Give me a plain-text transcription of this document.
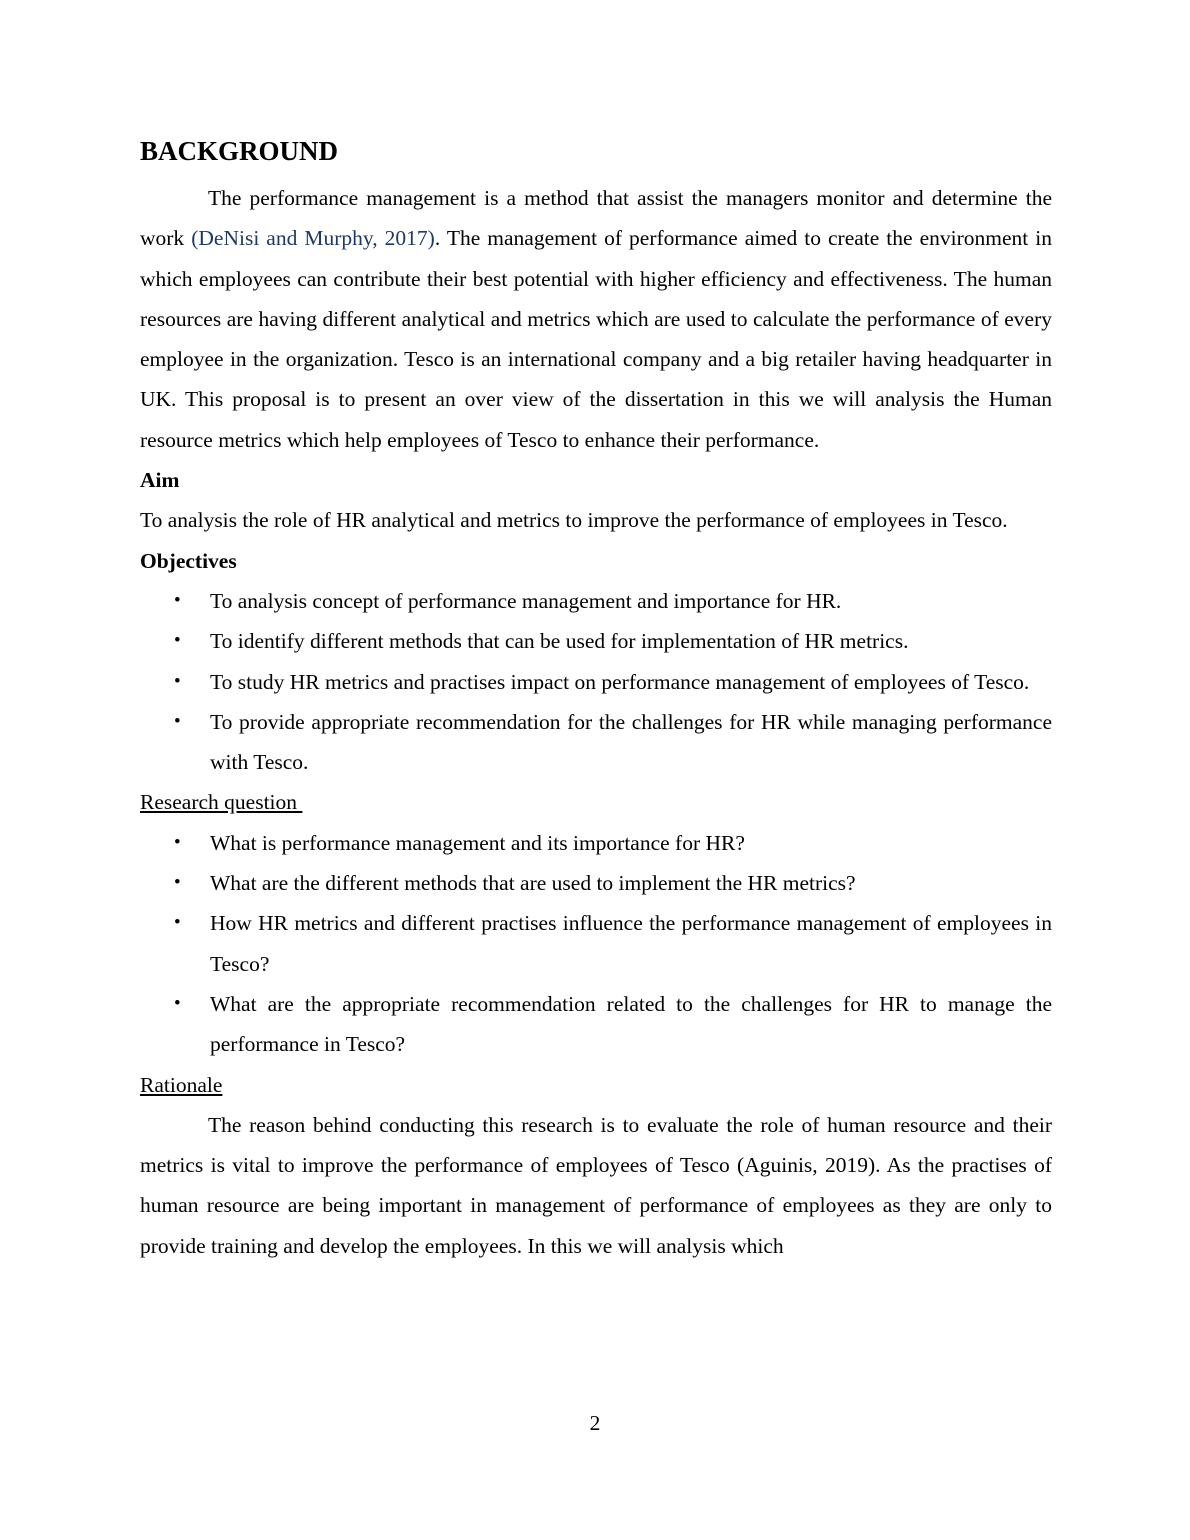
BACKGROUND

The performance management is a method that assist the managers monitor and determine the work (DeNisi and Murphy, 2017). The management of performance aimed to create the environment in which employees can contribute their best potential with higher efficiency and effectiveness. The human resources are having different analytical and metrics which are used to calculate the performance of every employee in the organization. Tesco is an international company and a big retailer having headquarter in UK. This proposal is to present an over view of the dissertation in this we will analysis the Human resource metrics which help employees of Tesco to enhance their performance.

Aim

To analysis the role of HR analytical and metrics to improve the performance of employees in Tesco.

Objectives
• To analysis concept of performance management and importance for HR.
• To identify different methods that can be used for implementation of HR metrics.
• To study HR metrics and practises impact on performance management of employees of Tesco.
• To provide appropriate recommendation for the challenges for HR while managing performance with Tesco.
Research question
• What is performance management and its importance for HR?
• What are the different methods that are used to implement the HR metrics?
• How HR metrics and different practises influence the performance management of employees in Tesco?
• What are the appropriate recommendation related to the challenges for HR to manage the performance in Tesco?
Rationale

The reason behind conducting this research is to evaluate the role of human resource and their metrics is vital to improve the performance of employees of Tesco (Aguinis, 2019). As the practises of human resource are being important in management of performance of employees as they are only to provide training and develop the employees. In this we will analysis which

2
